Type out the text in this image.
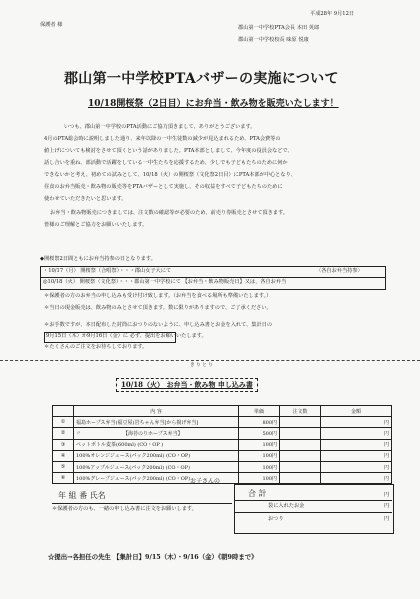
保護者 様
平成28年 9月12日
郡山第一中学校PTA会長 本田 英郎
郡山第一中学校校長 味原 悦康
郡山第一中学校PTAバザーの実施について
10/18開桜祭（2日目）にお弁当・飲み物を販売いたします！
いつも、郡山第一中学校のPTA活動にご協力頂きまして、ありがとうございます。
4月のPTA総会時に説明しました通り、来年以降の一中生徒数の減少が見込まれるため、PTA会費等の
値上げについても検討をさせて頂くという話がありました。PTA本部としまして、今年度の役員会などで、
話し合いを重ね、部活動で活躍をしている一中生たちを応援するため、少しでも子どもたちのために何か
できないかと考え、初めての試みとして、10/18（火）の開桜祭（文化祭2日目）にPTA本部が中心となり、
昼食のお弁当販売・飲み物の販売等をPTAバザーとして実施し、その収益をすべて子どもたちのために
使わせていただきたいと思います。
お弁当・飲み物販売につきましては、注文数の確認等が必要のため、前売り券販売とさせて頂きます。
皆様のご理解とご協力をお願いいたします。
◆開桜祭2日間ともにお弁当持参の日となります。
・10/17（月） 開桜祭（合唱祭）・・・郡山女子大にて	〈各自お弁当持参〉
◎10/18（火） 開桜祭（文化祭）・・・郡山第一中学校にて 【お弁当・飲み物販売日】又は、各自お弁当
＊保護者の方のお弁当の申し込みも受け付け致します。（お弁当を食べる場所も準備いたします。）
＊当日の現金販売は、飲み物のみとさせて頂きます。数に限りがありますので、ご了承ください。
＊お手数ですが、本日配布した封筒におつりのないように、申し込み書とお金を入れて、集計日の
9月15日（木）か9月16日（金）に 必ず、提出をお願いいたします。
＊たくさんのご注文をお待ちしております。
き り と り
10/18（火） お弁当・飲み物 申し込み書
	内 容	単価	注文数	金額
①	福島ホープス弁当(福豆屋)岩ちゃん弁当[から揚げ弁当]	800円		円
②	〃 【海苔のりホープス弁当】	500円		円
③	ペットボトル麦茶(600ml) (CO・OP )	100円		円
④	100%オレンジジュース(パック200ml) (CO・OP)	100円		円
⑤	100%アップルジュース(パック200ml) (CO・OP)	100円		円
⑥	100%グレープジュース(パック200ml) (CO・OP)	100円		円
お子さんの
年 組 番 氏名	合 計	円
袋に入れたお金	円
おつり	円
＊保護者の方のも、一緒の申し込み書に注文をお願いします。
☆提出→各担任の先生 【集計日】9/15（木）・9/16（金）《朝9時まで》
